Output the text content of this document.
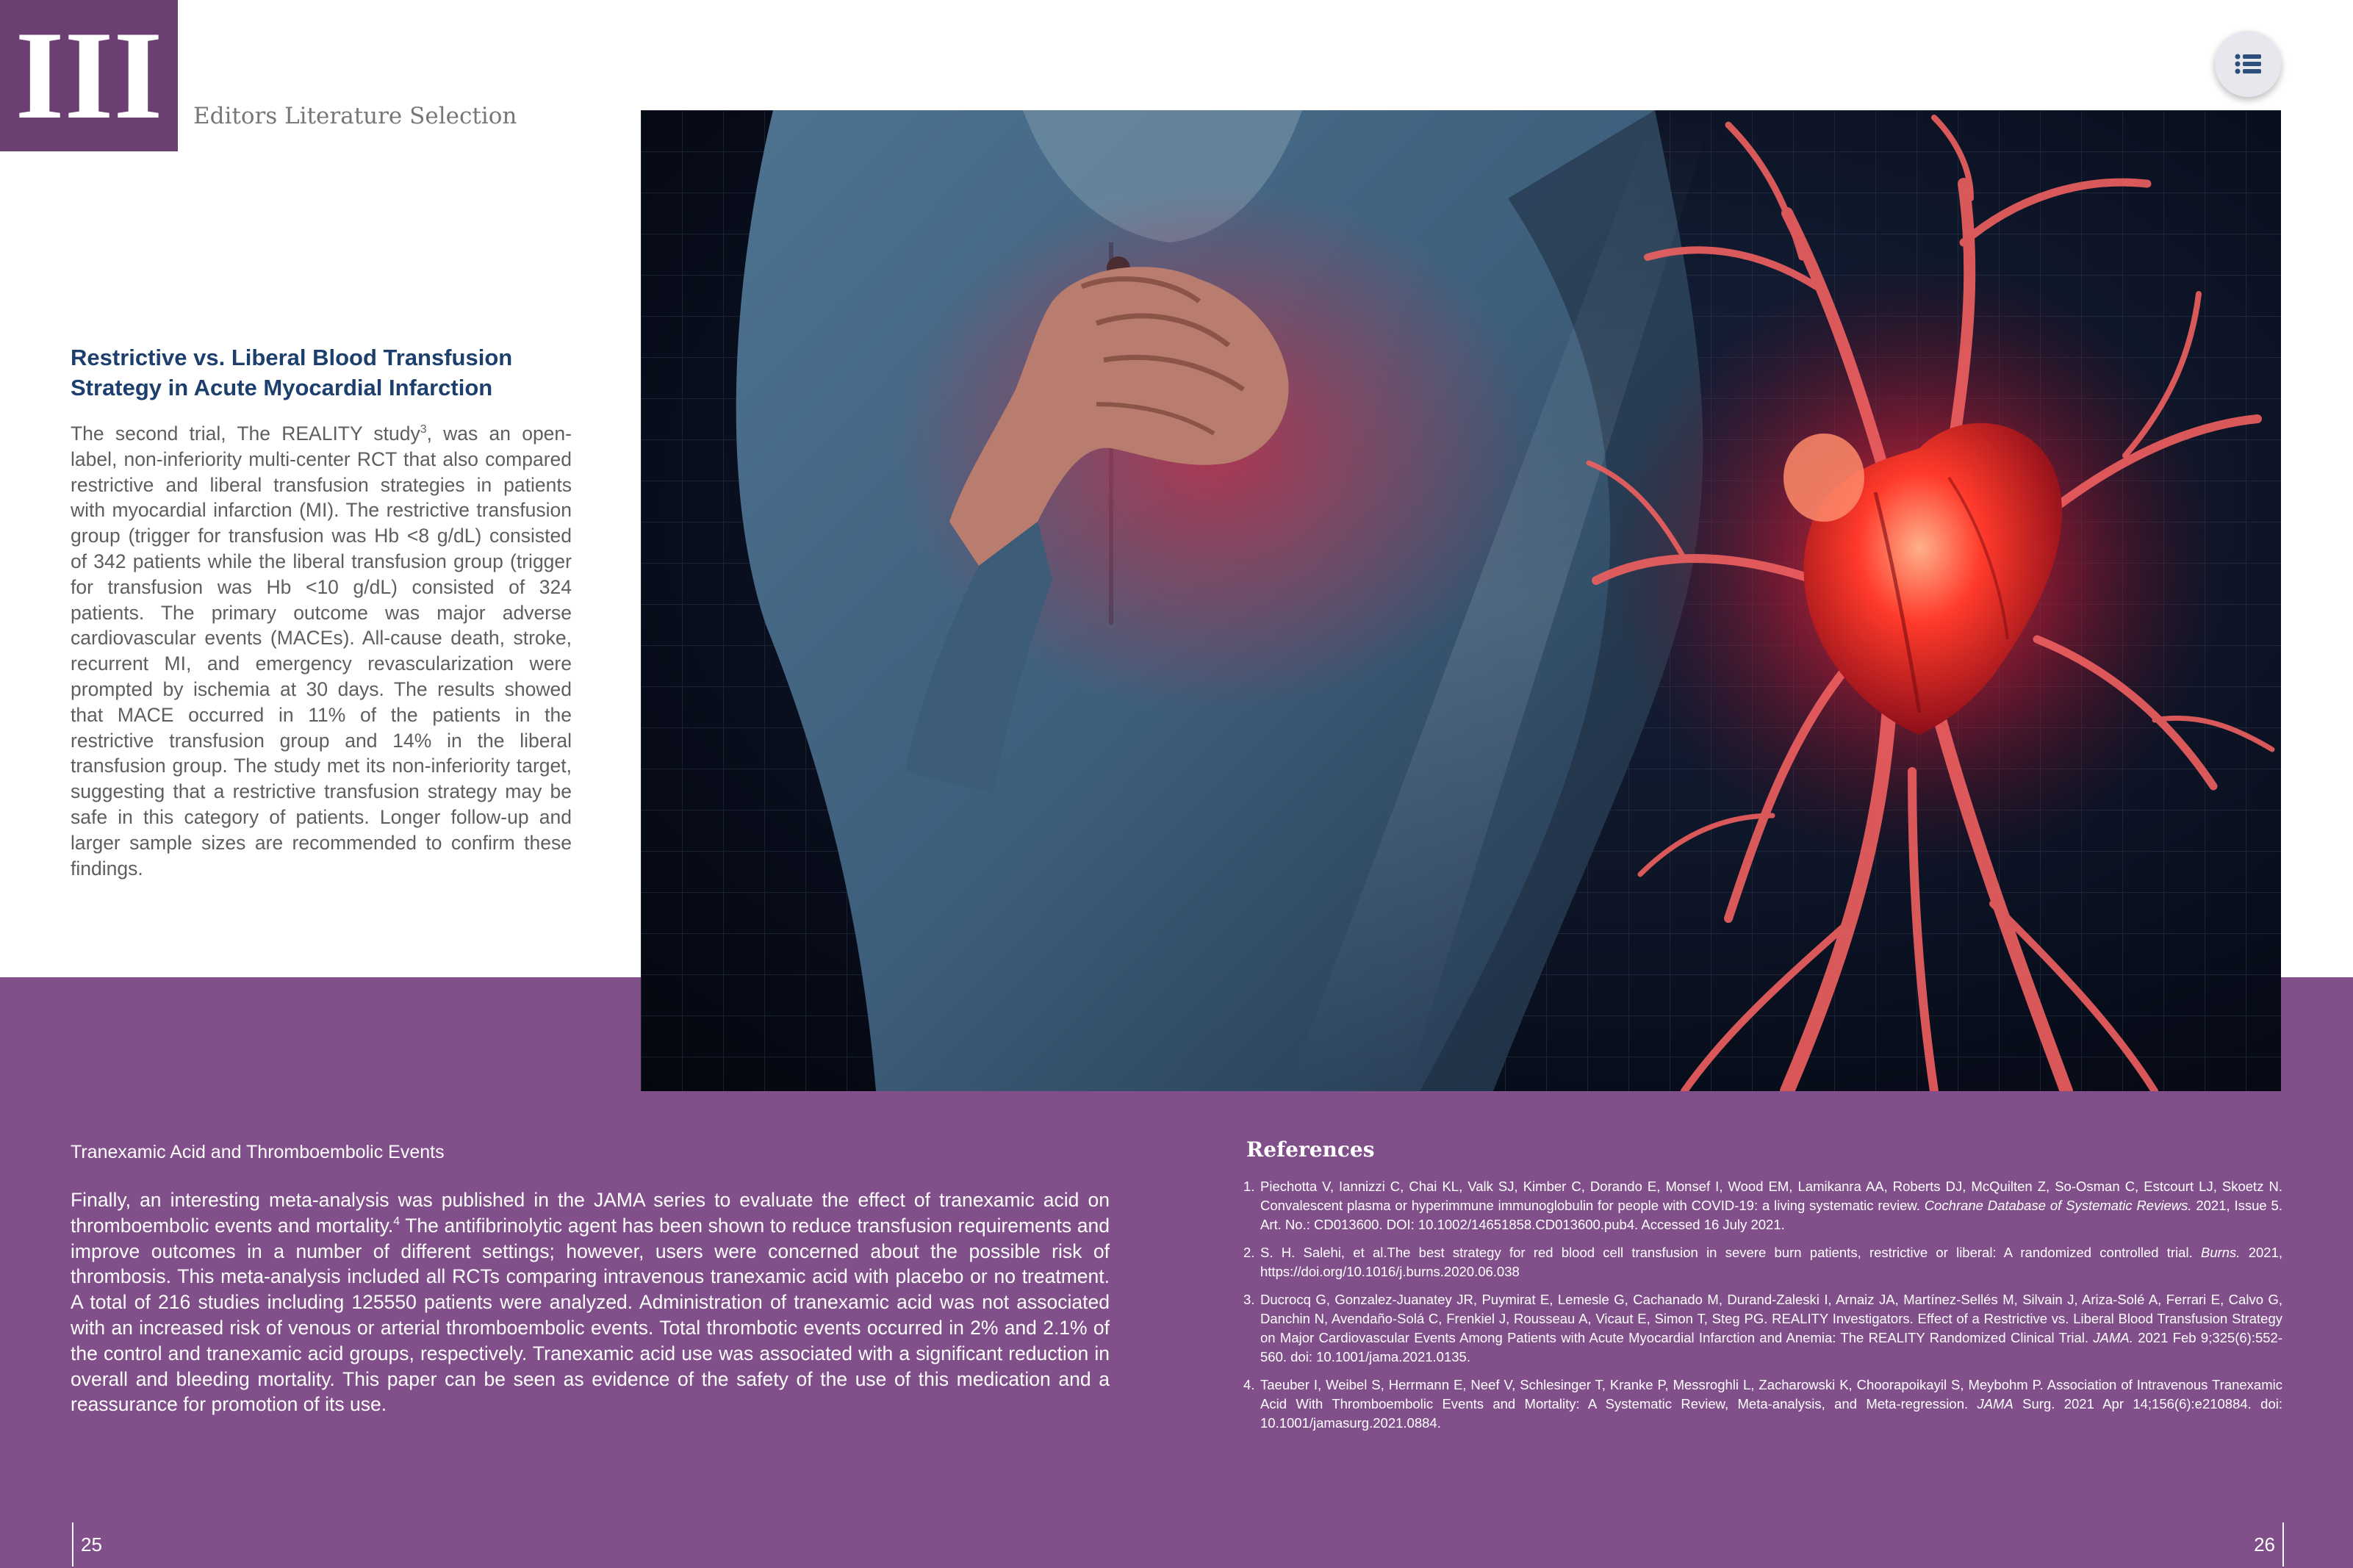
III	Editors Literature Selection
Restrictive vs. Liberal Blood Transfusion
Strategy in Acute Myocardial Infarction

The second trial, The REALITY study$^3$, was an open-label, non-inferiority multi-center RCT that also compared restrictive and liberal transfusion strategies in patients with myocardial infarction (MI). The restrictive transfusion group (trigger for transfusion was Hb <8 g/dL) consisted of 342 patients while the liberal transfusion group (trigger for transfusion was Hb <10 g/dL) consisted of 324 patients. The primary outcome was major adverse cardiovascular events (MACEs). All-cause death, stroke, recurrent MI, and emergency revascularization were prompted by ischemia at 30 days. The results showed that MACE occurred in 11% of the patients in the restrictive transfusion group and 14% in the liberal transfusion group. The study met its non-inferiority target, suggesting that a restrictive transfusion strategy may be safe in this category of patients. Longer follow-up and larger sample sizes are recommended to confirm these findings.

Tranexamic Acid and Thromboembolic Events

Finally, an interesting meta-analysis was published in the JAMA series to evaluate the effect of tranexamic acid on thromboembolic events and mortality.$^4$ The antifibrinolytic agent has been shown to reduce transfusion requirements and improve outcomes in a number of different settings; however, users were concerned about the possible risk of thrombosis. This meta-analysis included all RCTs comparing intravenous tranexamic acid with placebo or no treatment. A total of 216 studies including 125550 patients were analyzed. Administration of tranexamic acid was not associated with an increased risk of venous or arterial thromboembolic events. Total thrombotic events occurred in 2% and 2.1% of the control and tranexamic acid groups, respectively. Tranexamic acid use was associated with a significant reduction in overall and bleeding mortality. This paper can be seen as evidence of the safety of the use of this medication and a reassurance for promotion of its use.

References
1. Piechotta V, Iannizzi C, Chai KL, Valk SJ, Kimber C, Dorando E, Monsef I, Wood EM, Lamikanra AA, Roberts DJ, McQuilten Z, So-Osman C, Estcourt LJ, Skoetz N. Convalescent plasma or hyperimmune immunoglobulin for people with COVID-19: a living systematic review. Cochrane Database of Systematic Reviews. 2021, Issue 5. Art. No.: CD013600. DOI: 10.1002/14651858.CD013600.pub4. Accessed 16 July 2021.
2. S. H. Salehi, et al.The best strategy for red blood cell transfusion in severe burn patients, restrictive or liberal: A randomized controlled trial. Burns. 2021, https://doi.org/10.1016/j.burns.2020.06.038
3. Ducrocq G, Gonzalez-Juanatey JR, Puymirat E, Lemesle G, Cachanado M, Durand-Zaleski I, Arnaiz JA, Martínez-Sellés M, Silvain J, Ariza-Solé A, Ferrari E, Calvo G, Danchin N, Avendaño-Solá C, Frenkiel J, Rousseau A, Vicaut E, Simon T, Steg PG. REALITY Investigators. Effect of a Restrictive vs. Liberal Blood Transfusion Strategy on Major Cardiovascular Events Among Patients with Acute Myocardial Infarction and Anemia: The REALITY Randomized Clinical Trial. JAMA. 2021 Feb 9;325(6):552-560. doi: 10.1001/jama.2021.0135.
4. Taeuber I, Weibel S, Herrmann E, Neef V, Schlesinger T, Kranke P, Messroghli L, Zacharowski K, Choorapoikayil S, Meybohm P. Association of Intravenous Tranexamic Acid With Thromboembolic Events and Mortality: A Systematic Review, Meta-analysis, and Meta-regression. JAMA Surg. 2021 Apr 14;156(6):e210884. doi: 10.1001/jamasurg.2021.0884.
25	26
